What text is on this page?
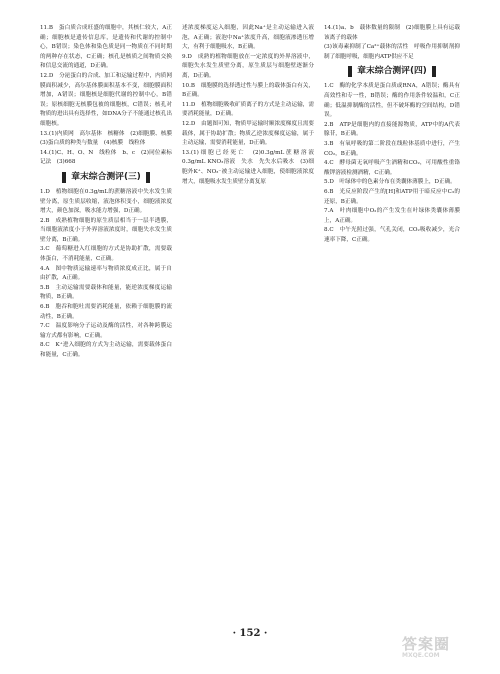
11.B　蛋白质合成旺盛的细胞中，其核仁较大，A正确；细胞核是遗传信息库，是遗传和代谢的控制中心，B错误；染色体和染色质是同一物质在不同时期的两种存在状态，C正确；核孔是核质之间物质交换和信息交流的通道，D正确。

12.D　分泌蛋白的合成、加工和运输过程中，内质网膜面积减少，高尔基体膜面积基本不变，细胞膜面积增加，A错误；细胞核是细胞代谢的控制中心，B错误；原核细胞无核膜包被的细胞核，C错误；核孔对物质的进出具有选择性，如DNA分子不能通过核孔出细胞核。

13.(1)内质网　高尔基体　核糖体　(2)细胞膜、核膜　(3)蛋白质的种类与数量　(4)核膜　线粒体

14.(1)C、H、O、N　线粒体　b、c　(2)同位素标记法　(3)668

章末综合测评(三)

1.D　植物细胞在0.3g/mL的蔗糖溶液中失水发生质壁分离，原生质层收缩，液泡体积变小，细胞液浓度增大，颜色加深，吸水能力增强，D正确。

2.B　成熟植物细胞的原生质层相当于一层半透膜，当细胞液浓度小于外界溶液浓度时，细胞失水发生质壁分离，B正确。

3.C　葡萄糖进入红细胞的方式是协助扩散，需要载体蛋白，不消耗能量，C正确。

4.A　图中物质运输速率与物质浓度成正比，属于自由扩散，A正确。

5.B　主动运输需要载体和能量，能逆浓度梯度运输物质，B正确。

6.B　胞吞和胞吐需要消耗能量，依赖于细胞膜的流动性，B正确。

7.C　温度影响分子运动及酶的活性，对各种跨膜运输方式都有影响，C正确。

8.C　K⁺进入细胞的方式为主动运输，需要载体蛋白和能量，C正确。

述浓度梯度运入细胞，因此Na⁺是主动运输进入液泡，A正确；液泡中Na⁺浓度升高，细胞液渗透压增大，有利于细胞吸水，B正确。

9.D　成熟的植物细胞放在一定浓度的外界溶液中，细胞失水发生质壁分离，原生质层与细胞壁逐渐分离，D正确。

10.B　细胞膜的选择透过性与膜上的载体蛋白有关，B正确。

11.D　植物细胞吸收矿质离子的方式是主动运输，需要消耗能量，D正确。

12.D　由题图可知，物质甲运输时顺浓度梯度且需要载体，属于协助扩散；物质乙逆浓度梯度运输，属于主动运输，需要消耗能量，D正确。

13.(1)细胞已经死亡　(2)0.3g/mL蔗糖溶液　0.3g/mL KNO₃溶液　失水　先失水后吸水　(3)细胞外K⁺、NO₃⁻被主动运输进入细胞，使细胞液浓度增大，细胞吸水发生质壁分离复原

14.(1)a、b　载体数量的限制　(2)细胞膜上具有运载该离子的载体

(3)该毒素抑制了Ca²⁺载体的活性　呼吸作用抑制剂抑制了细胞呼吸，细胞内ATP供应不足

章末综合测评(四)

1.C　酶的化学本质是蛋白质或RNA，A错误；酶具有高效性和专一性，B错误；酶的作用条件较温和，C正确；低温抑制酶的活性，但不破坏酶的空间结构，D错误。

2.B　ATP是细胞内的直接能源物质，ATP中的A代表腺苷，B正确。

3.B　有氧呼吸的第二阶段在线粒体基质中进行，产生CO₂，B正确。

4.C　酵母菌无氧呼吸产生酒精和CO₂，可用酸性重铬酸钾溶液检测酒精，C正确。

5.D　叶绿体中的色素分布在类囊体薄膜上，D正确。

6.B　光反应阶段产生的[H]和ATP用于暗反应中C₃的还原，B正确。

7.A　叶肉细胞中O₂的产生发生在叶绿体类囊体薄膜上，A正确。

8.C　中午光照过强，气孔关闭，CO₂吸收减少，光合速率下降，C正确。

· 152 ·
答案圈
MXQE.COM
